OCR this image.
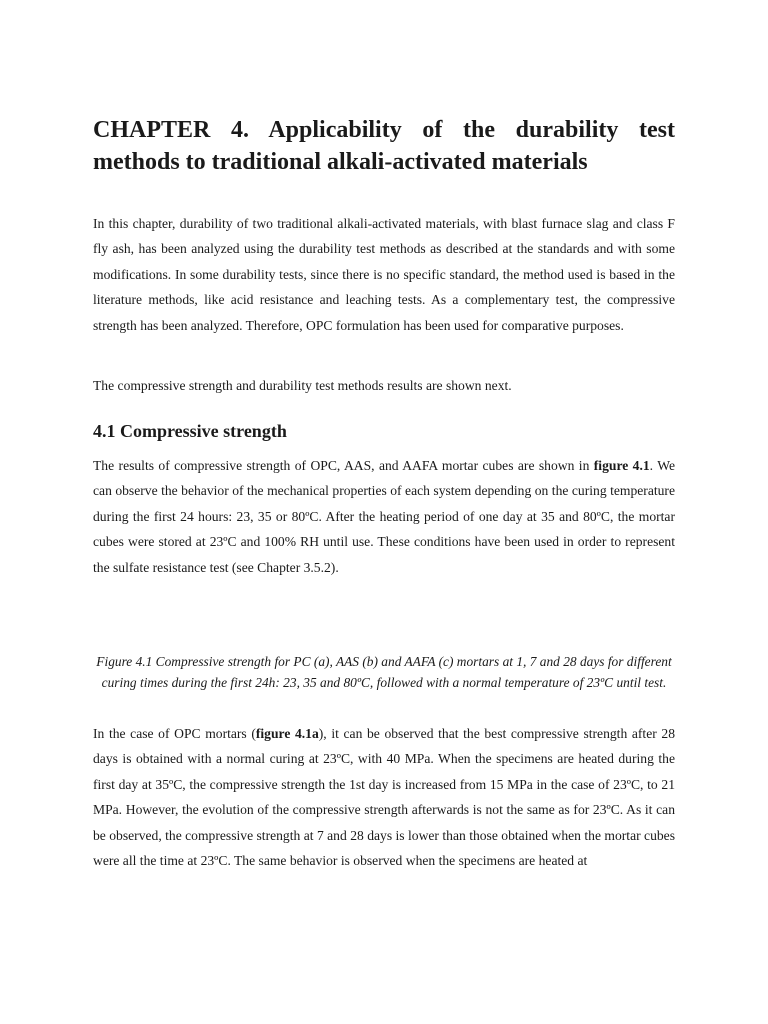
CHAPTER 4. Applicability of the durability test methods to traditional alkali-activated materials

In this chapter, durability of two traditional alkali-activated materials, with blast furnace slag and class F fly ash, has been analyzed using the durability test methods as described at the standards and with some modifications. In some durability tests, since there is no specific standard, the method used is based in the literature methods, like acid resistance and leaching tests. As a complementary test, the compressive strength has been analyzed. Therefore, OPC formulation has been used for comparative purposes.

The compressive strength and durability test methods results are shown next.

4.1 Compressive strength

The results of compressive strength of OPC, AAS, and AAFA mortar cubes are shown in figure 4.1. We can observe the behavior of the mechanical properties of each system depending on the curing temperature during the first 24 hours: 23, 35 or 80ºC. After the heating period of one day at 35 and 80ºC, the mortar cubes were stored at 23ºC and 100% RH until use. These conditions have been used in order to represent the sulfate resistance test (see Chapter 3.5.2).

Figure 4.1 Compressive strength for PC (a), AAS (b) and AAFA (c) mortars at 1, 7 and 28 days for different curing times during the first 24h: 23, 35 and 80ºC, followed with a normal temperature of 23ºC until test.

In the case of OPC mortars (figure 4.1a), it can be observed that the best compressive strength after 28 days is obtained with a normal curing at 23ºC, with 40 MPa. When the specimens are heated during the first day at 35ºC, the compressive strength the 1st day is increased from 15 MPa in the case of 23ºC, to 21 MPa. However, the evolution of the compressive strength afterwards is not the same as for 23ºC. As it can be observed, the compressive strength at 7 and 28 days is lower than those obtained when the mortar cubes were all the time at 23ºC. The same behavior is observed when the specimens are heated at
